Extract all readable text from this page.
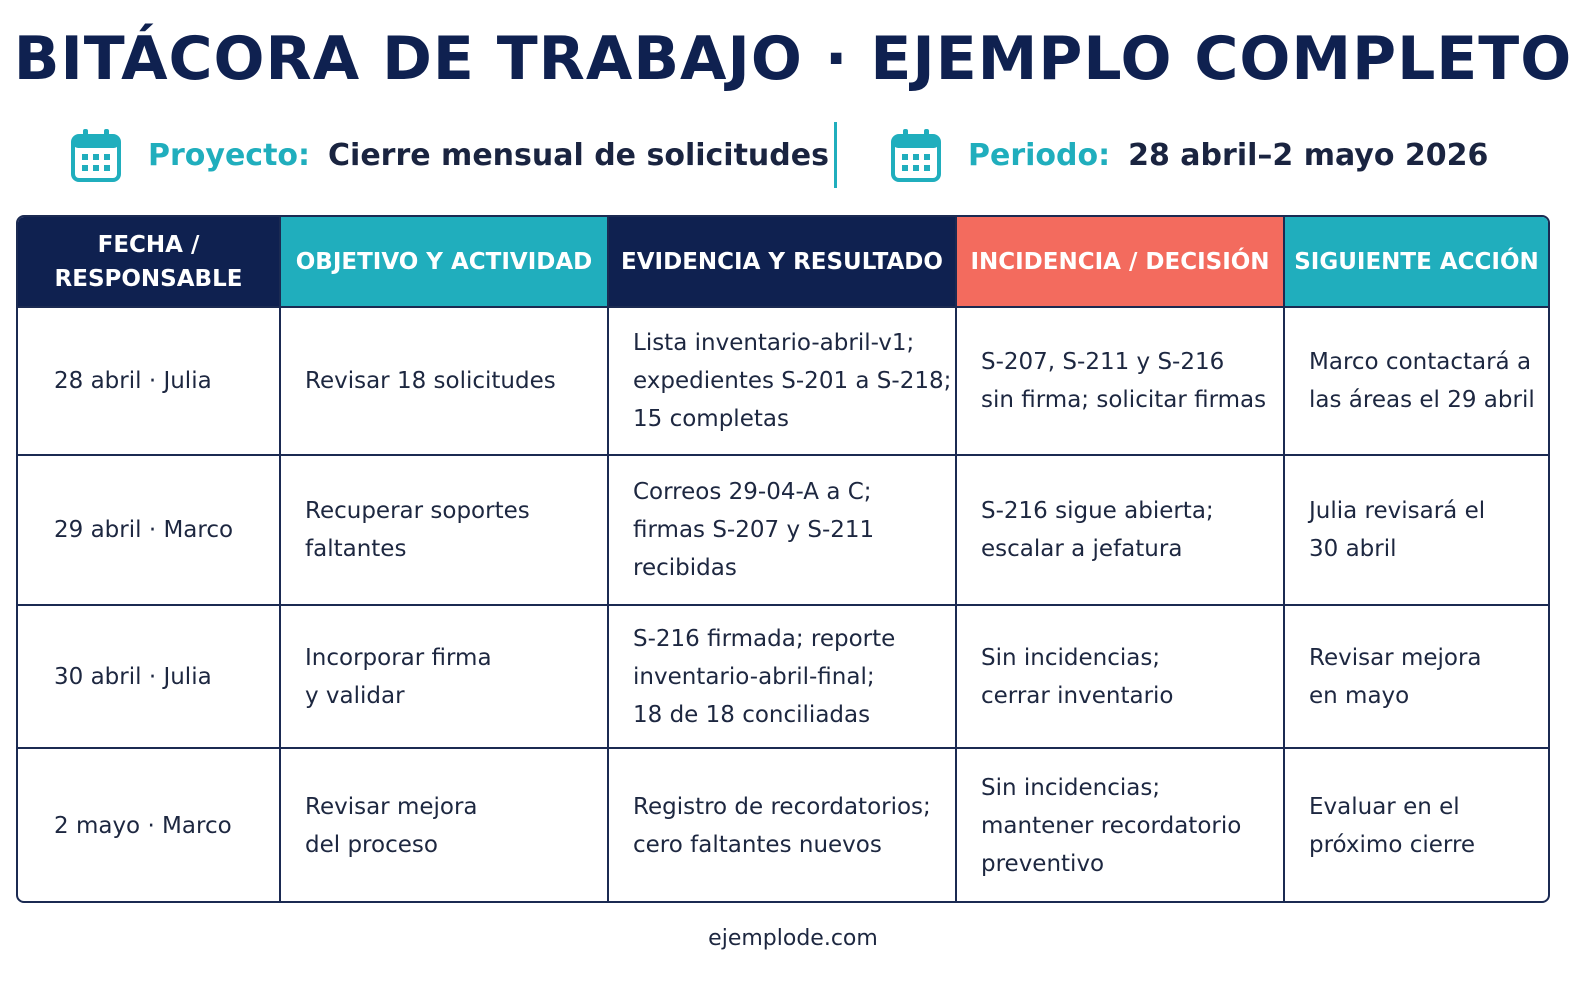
BITÁCORA DE TRABAJO · EJEMPLO COMPLETO
Proyecto: Cierre mensual de solicitudes	Periodo: 28 abril–2 mayo 2026
FECHA /
RESPONSABLE	OBJETIVO Y ACTIVIDAD	EVIDENCIA Y RESULTADO	INCIDENCIA / DECISIÓN	SIGUIENTE ACCIÓN

28 abril · Julia	Revisar 18 solicitudes	Lista inventario-abril-v1;
expedientes S-201 a S-218;
15 completas	S-207, S-211 y S-216
sin firma; solicitar firmas	Marco contactará a
las áreas el 29 abril

29 abril · Marco	Recuperar soportes
faltantes	Correos 29-04-A a C;
firmas S-207 y S-211
recibidas	S-216 sigue abierta;
escalar a jefatura	Julia revisará el
30 abril

30 abril · Julia	Incorporar firma
y validar	S-216 firmada; reporte
inventario-abril-final;
18 de 18 conciliadas	Sin incidencias;
cerrar inventario	Revisar mejora
en mayo

2 mayo · Marco	Revisar mejora
del proceso	Registro de recordatorios;
cero faltantes nuevos	Sin incidencias;
mantener recordatorio
preventivo	Evaluar en el
próximo cierre
ejemplode.com
